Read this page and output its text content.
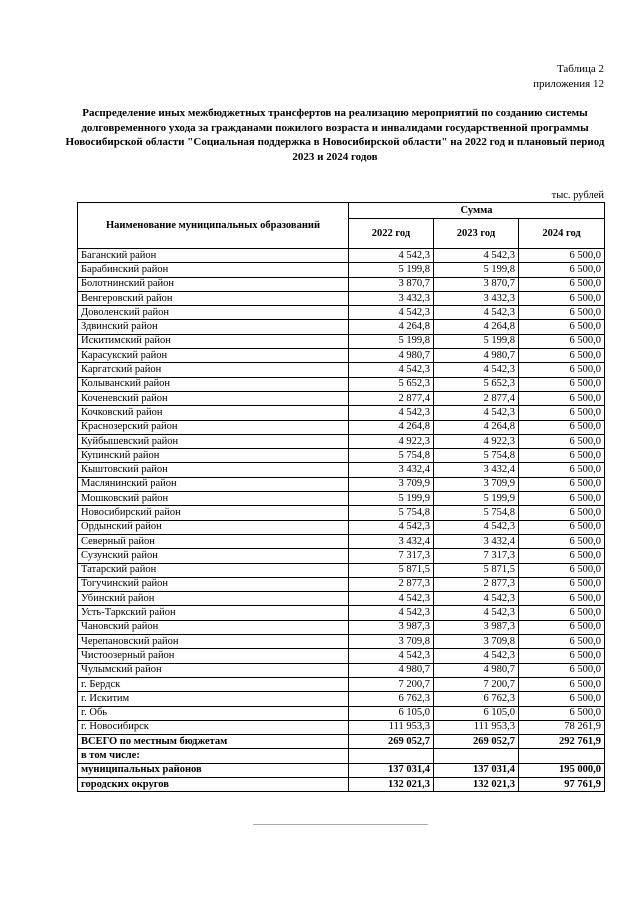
Таблица 2
приложения 12
Распределение иных межбюджетных трансфертов на реализацию мероприятий по созданию системы долговременного ухода за гражданами пожилого возраста и инвалидами государственной программы Новосибирской области "Социальная поддержка в Новосибирской области" на 2022 год и плановый период 2023 и 2024 годов
тыс. рублей
Наименование муниципальных образований	Сумма		
	2022 год	2023 год	2024 год
Баганский район	4 542,3	4 542,3	6 500,0
Барабинский район	5 199,8	5 199,8	6 500,0
Болотнинский район	3 870,7	3 870,7	6 500,0
Венгеровский район	3 432,3	3 432,3	6 500,0
Доволенский район	4 542,3	4 542,3	6 500,0
Здвинский район	4 264,8	4 264,8	6 500,0
Искитимский район	5 199,8	5 199,8	6 500,0
Карасукский район	4 980,7	4 980,7	6 500,0
Каргатский район	4 542,3	4 542,3	6 500,0
Колыванский район	5 652,3	5 652,3	6 500,0
Коченевский район	2 877,4	2 877,4	6 500,0
Кочковский район	4 542,3	4 542,3	6 500,0
Краснозерский район	4 264,8	4 264,8	6 500,0
Куйбышевский район	4 922,3	4 922,3	6 500,0
Купинский район	5 754,8	5 754,8	6 500,0
Кыштовский район	3 432,4	3 432,4	6 500,0
Маслянинский район	3 709,9	3 709,9	6 500,0
Мошковский район	5 199,9	5 199,9	6 500,0
Новосибирский район	5 754,8	5 754,8	6 500,0
Ордынский район	4 542,3	4 542,3	6 500,0
Северный район	3 432,4	3 432,4	6 500,0
Сузунский район	7 317,3	7 317,3	6 500,0
Татарский район	5 871,5	5 871,5	6 500,0
Тогучинский район	2 877,3	2 877,3	6 500,0
Убинский район	4 542,3	4 542,3	6 500,0
Усть-Таркский район	4 542,3	4 542,3	6 500,0
Чановский район	3 987,3	3 987,3	6 500,0
Черепановский район	3 709,8	3 709,8	6 500,0
Чистоозерный район	4 542,3	4 542,3	6 500,0
Чулымский район	4 980,7	4 980,7	6 500,0
г. Бердск	7 200,7	7 200,7	6 500,0
г. Искитим	6 762,3	6 762,3	6 500,0
г. Обь	6 105,0	6 105,0	6 500,0
г. Новосибирск	111 953,3	111 953,3	78 261,9
ВСЕГО по местным бюджетам	269 052,7	269 052,7	292 761,9
в том числе:			
муниципальных районов	137 031,4	137 031,4	195 000,0
городских округов	132 021,3	132 021,3	97 761,9
